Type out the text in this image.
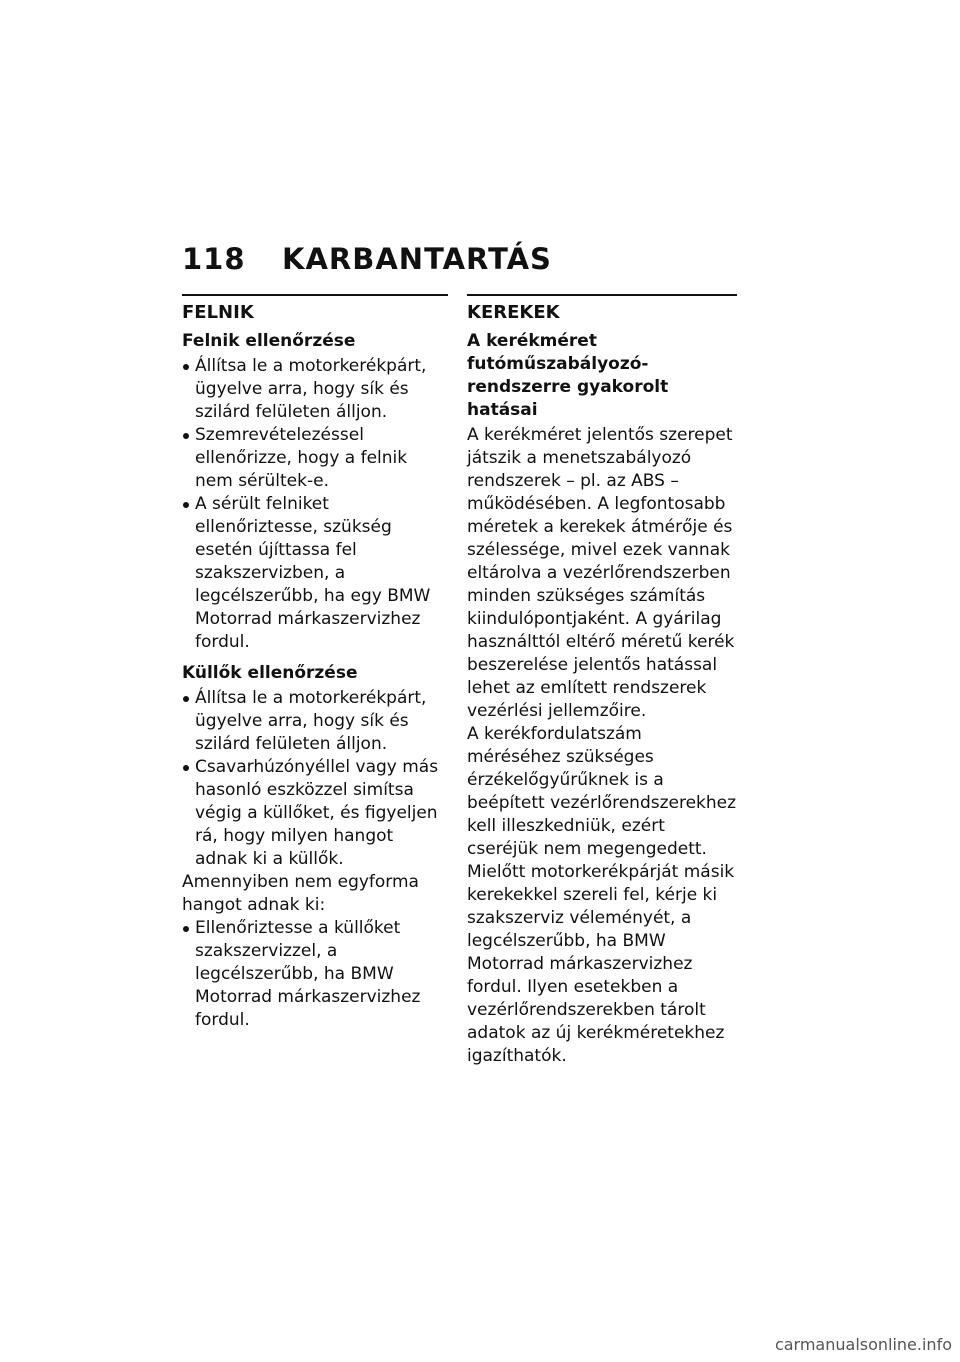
118 KARBANTARTÁS
FELNIK
Felnik ellenőrzése
Állítsa le a motorkerékpárt, ügyelve arra, hogy sík és szilárd felületen álljon.
Szemrevételezéssel ellenőrizze, hogy a felnik nem sérültek-e.
A sérült felniket ellenőriztesse, szükség esetén újíttassa fel szakszervizben, a legcélszerűbb, ha egy BMW Motorrad márkaszervizhez fordul.
Küllők ellenőrzése
Állítsa le a motorkerékpárt, ügyelve arra, hogy sík és szilárd felületen álljon.
Csavarhúzónyéllel vagy más hasonló eszközzel simítsa végig a küllőket, és figyeljen rá, hogy milyen hangot adnak ki a küllők.

Amennyiben nem egyforma hangot adnak ki:

Ellenőriztesse a küllőket szakszervizzel, a legcélszerűbb, ha BMW Motorrad márkaszervizhez fordul.
KEREKEK
A kerékméret futóműszabályozó-rendszerre gyakorolt hatásai

A kerékméret jelentős szerepet játszik a menetszabályozó rendszerek – pl. az ABS – működésében. A legfontosabb méretek a kerekek átmérője és szélessége, mivel ezek vannak eltárolva a vezérlőrendszerben minden szükséges számítás kiindulópontjaként. A gyárilag használttól eltérő méretű kerék beszerelése jelentős hatással lehet az említett rendszerek vezérlési jellemzőire.

A kerékfordulatszám méréséhez szükséges érzékelőgyűrűknek is a beépített vezérlőrendszerekhez kell illeszkedniük, ezért cseréjük nem megengedett.

Mielőtt motorkerékpárját másik kerekekkel szereli fel, kérje ki szakszerviz véleményét, a legcélszerűbb, ha BMW Motorrad márkaszervizhez fordul. Ilyen esetekben a vezérlőrendszerekben tárolt adatok az új kerékméretekhez igazíthatók.

carmanualsonline.info
